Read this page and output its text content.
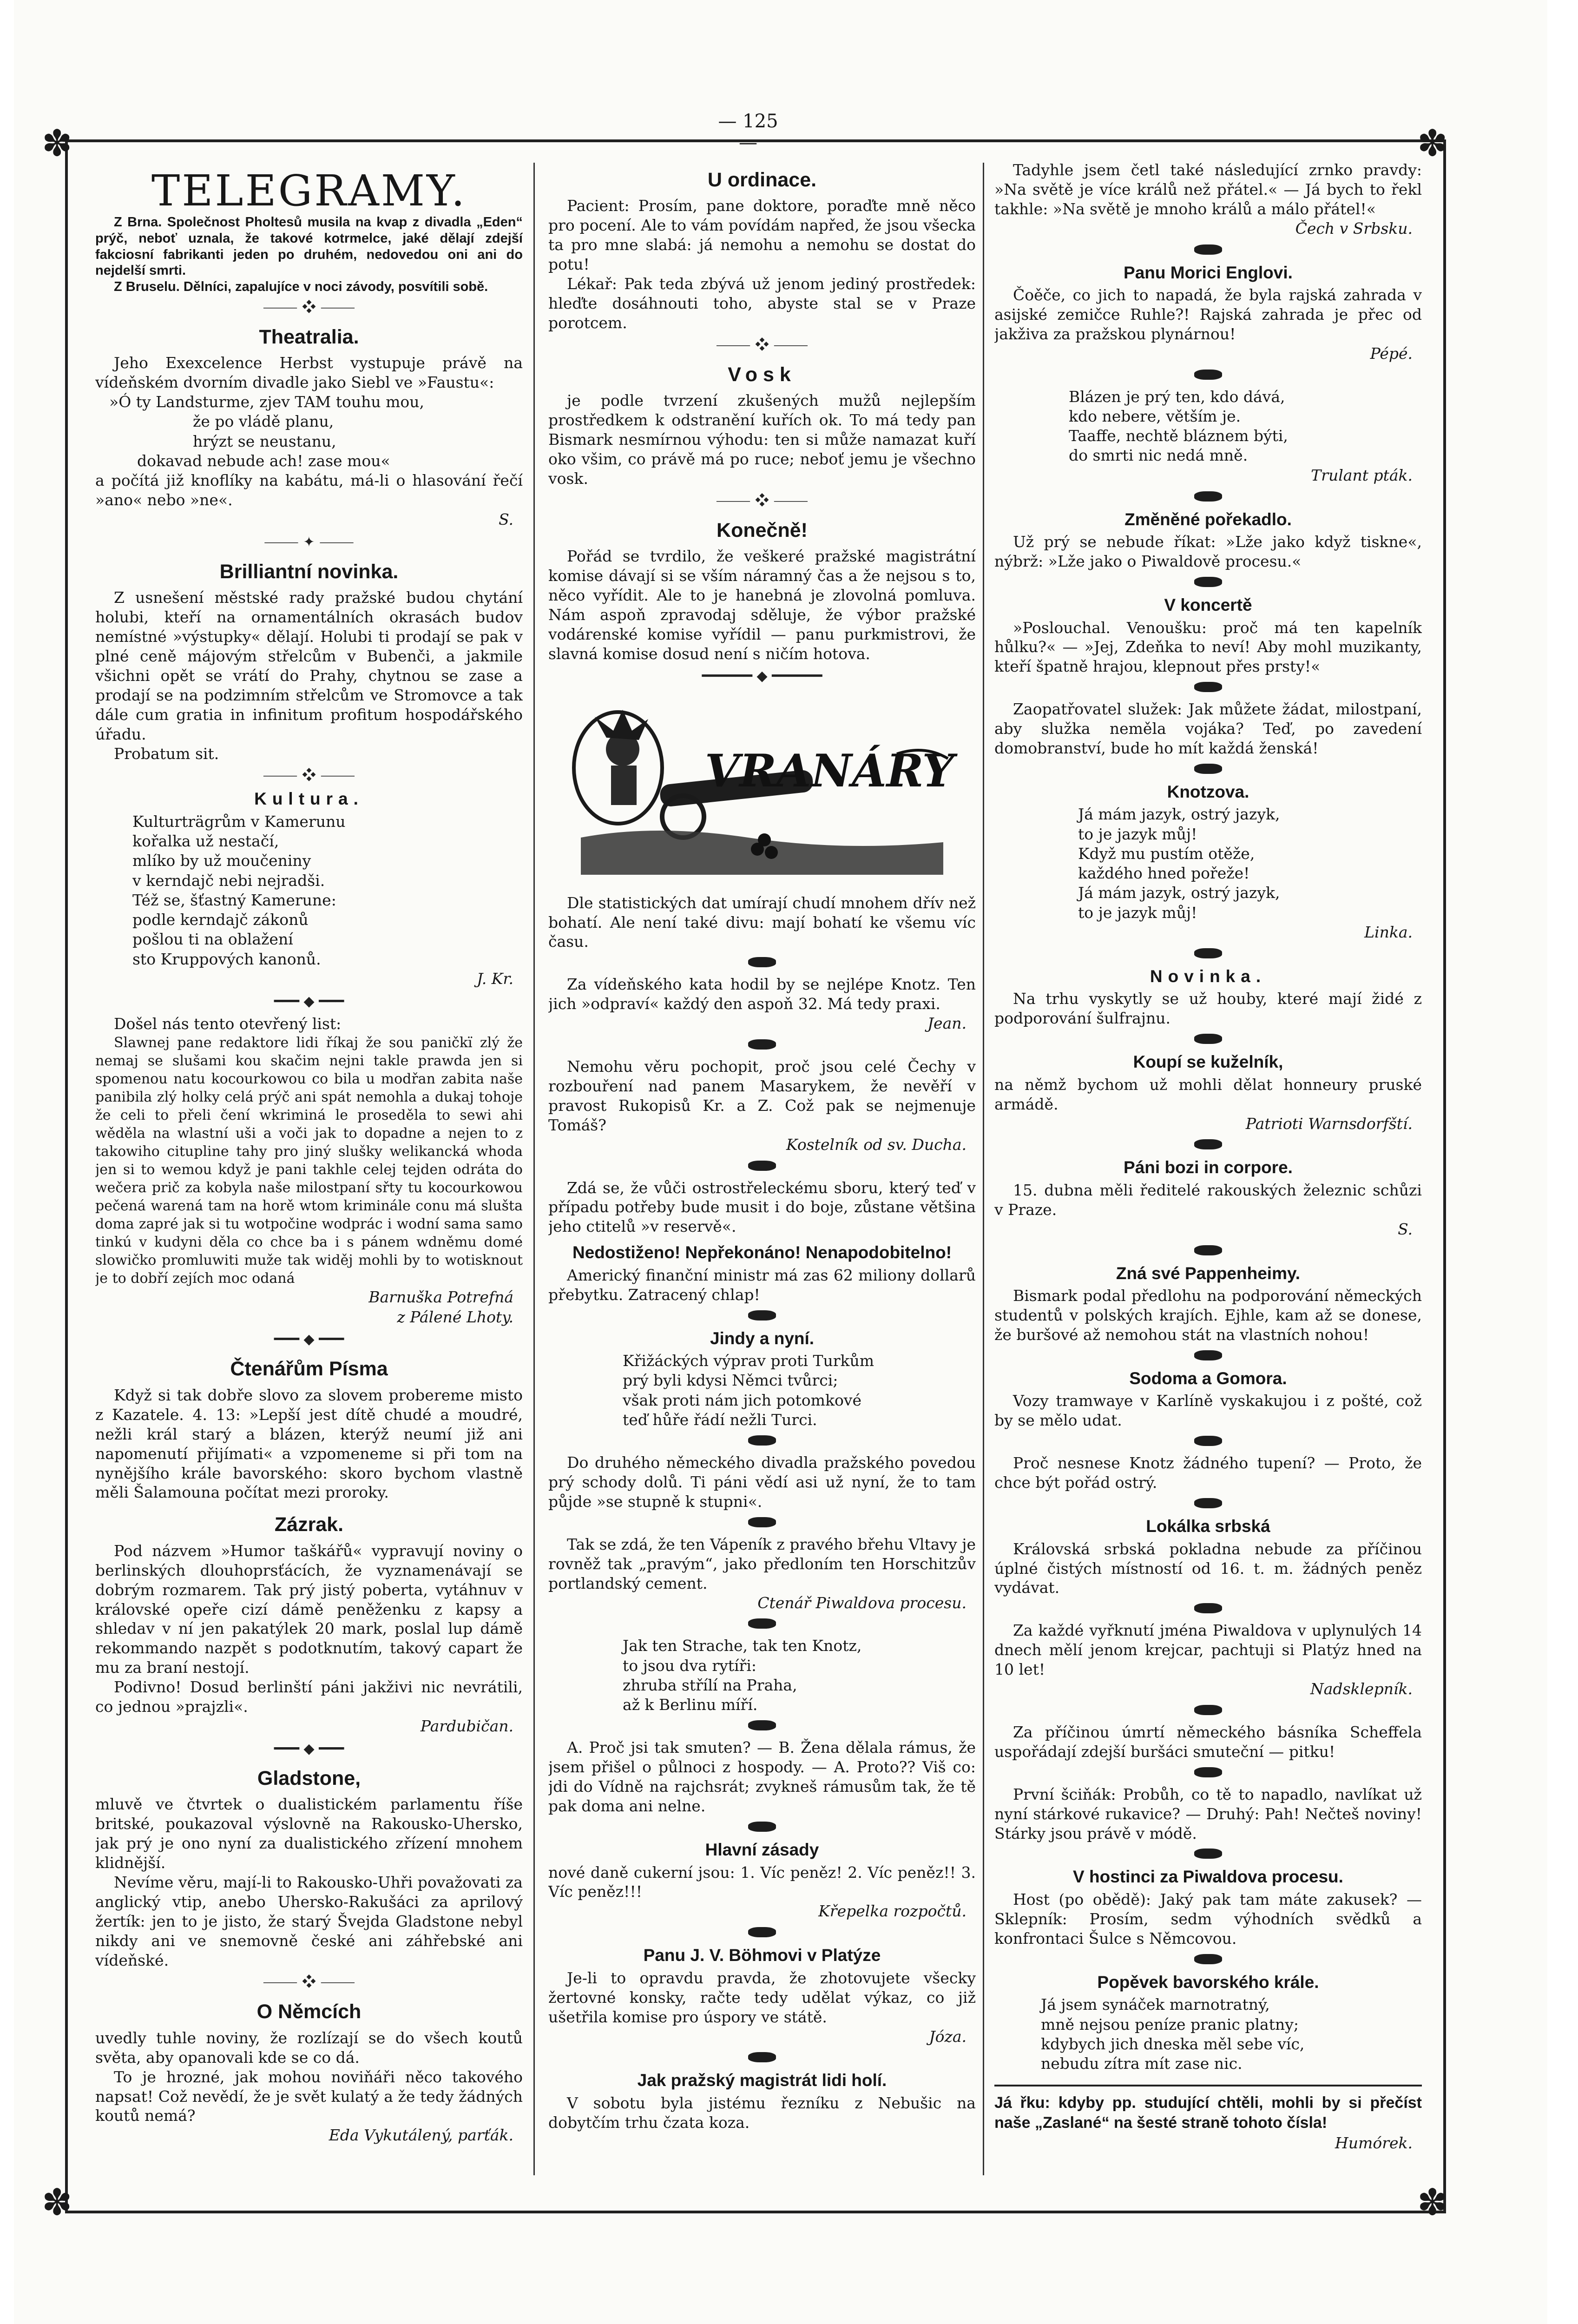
— 125 —
✽	✽
✽	✽
TELEGRAMY.

Z Brna. Společnost Pholtesů musila na kvap z divadla „Eden“ prýč, neboť uznala, že takové kotrmelce, jaké dělají zdejší fakciosní fabrikanti jeden po druhém, nedovedou oni ani do nejdelší smrti.

Z Bruselu. Dělníci, zapalujíce v noci závody, posvítili sobě.

⸻ ❖ ⸻
Theatralia.

Jeho Exexcelence Herbst vystupuje právě na vídeňském dvorním divadle jako Siebl ve »Faustu«:

»Ó ty Landsturme, zjev TAM touhu mou,
že po vládě planu,
hrýzt se neustanu,
dokavad nebude ach! zase mou«

a počítá již knoflíky na kabátu, má-li o hlasování řečí »ano« nebo »ne«.

S.
⸻ ✦ ⸻
Brilliantní novinka.

Z usnešení městské rady pražské budou chytání holubi, kteří na ornamentálních okrasách budov nemístné »výstupky« dělají. Holubi ti prodají se pak v plné ceně májovým střelcům v Bubenči, a jakmile všichni opět se vrátí do Prahy, chytnou se zase a prodají se na podzimním střelcům ve Stromovce a tak dále cum gratia in infinitum profitum hospodářského úřadu.

Probatum sit.

⸻ ❖ ⸻
Kultura.
Kulturträgrům v Kamerunu
kořalka už nestačí,
mlíko by už moučeniny
v kerndajč nebi nejradši.
Též se, šťastný Kamerune:
podle kerndajč zákonů
pošlou ti na oblažení
sto Kruppových kanonů.
J. Kr.
━━━ ◆ ━━━

Došel nás tento otevřený list:

Slawnej pane redaktore lidi říkaj že sou paničkï zlý že nemaj se slušami kou skačim nejni takle prawda jen si spomenou natu kocourkowou co bila u modřan zabita naše panibila zlý holky celá prýč ani spát nemohla a dukaj tohoje že celi to přeli čení wkriminá le proseděla to sewi ahi wěděla na wlastní uši a voči jak to dopadne a nejen to z takowiho citupline tahy pro jiný slušky welikancká whoda jen si to wemou když je pani takhle celej tejden odráta do wečera prič za kobyla naše milostpaní sřty tu kocourkowou pečená warená tam na horě wtom kriminále conu má slušta doma zapré jak si tu wotpočine wodprác i wodní sama samo tinkú v kudyni děla co chce ba i s pánem wdněmu domé slowičko promluwiti muže tak widěj mohli by to wotisknout je to dobří zejích moc odaná

Barnuška Potrefná
z Pálené Lhoty.
━━━ ◆ ━━━
Čtenářům Písma

Když si tak dobře slovo za slovem probereme misto z Kazatele. 4. 13: »Lepší jest dítě chudé a moudré, nežli král starý a blázen, kterýž neumí již ani napomenutí přijímati« a vzpomeneme si při tom na nynějšího krále bavorského: skoro bychom vlastně měli Šalamouna počítat mezi proroky.

Zázrak.

Pod názvem »Humor taškářů« vypravují noviny o berlinských dlouhoprsťácích, že vyznamenávají se dobrým rozmarem. Tak prý jistý poberta, vytáhnuv v královské opeře cizí dámě peněženku z kapsy a shledav v ní jen pakatýlek 20 mark, poslal lup dámě rekommando nazpět s podotknutím, takový capart že mu za braní nestojí.

Podivno! Dosud berlinští páni jakživi nic nevrátili, co jednou »prajzli«.

Pardubičan.
━━━ ◆ ━━━
Gladstone,

mluvě ve čtvrtek o dualistickém parlamentu říše britské, poukazoval výslovně na Rakousko-Uhersko, jak prý je ono nyní za dualistického zřízení mnohem klidnější.

Nevíme věru, mají-li to Rakousko-Uhři považovati za anglický vtip, anebo Uhersko-Rakušáci za aprilový žertík: jen to je jisto, že starý Švejda Gladstone nebyl nikdy ani ve snemovně české ani záhřebské ani vídeňské.

⸻ ❖ ⸻
O Němcích

uvedly tuhle noviny, že rozlízají se do všech koutů světa, aby opanovali kde se co dá.

To je hrozné, jak mohou noviňáři něco takového napsat! Což nevědí, že je svět kulatý a že tedy žádných koutů nemá?

Eda Vykutálený, parťák.
U ordinace.

Pacient: Prosím, pane doktore, poraďte mně něco pro pocení. Ale to vám povídám napřed, že jsou všecka ta pro mne slabá: já nemohu a nemohu se dostat do potu!

Lékař: Pak teda zbývá už jenom jediný prostředek: hleďte dosáhnouti toho, abyste stal se v Praze porotcem.

⸻ ❖ ⸻
Vosk

je podle tvrzení zkušených mužů nejlepším prostředkem k odstranění kuřích ok. To má tedy pan Bismark nesmírnou výhodu: ten si může namazat kuří oko všim, co právě má po ruce; neboť jemu je všechno vosk.

⸻ ❖ ⸻
Konečně!

Pořád se tvrdilo, že veškeré pražské magistrátní komise dávají si se vším náramný čas a že nejsou s to, něco vyřídit. Ale to je hanebná je zlovolná pomluva. Nám aspoň zpravodaj sděluje, že výbor pražské vodárenské komise vyřídil — panu purkmistrovi, že slavná komise dosud není s ničím hotova.

━━━━━━ ◆ ━━━━━━
VRANÁRY

Dle statistických dat umírají chudí mnohem dřív než bohatí. Ale není také divu: mají bohatí ke všemu víc času.

Za vídeňského kata hodil by se nejlépe Knotz. Ten jich »odpraví« každý den aspoň 32. Má tedy praxi.

Jean.

Nemohu věru pochopit, proč jsou celé Čechy v rozbouření nad panem Masarykem, že nevěří v pravost Rukopisů Kr. a Z. Což pak se nejmenuje Tomáš?

Kostelník od sv. Ducha.

Zdá se, že vůči ostrostřeleckému sboru, který teď v případu potřeby bude musit i do boje, zůstane většina jeho ctitelů »v reservě«.

Nedostiženo! Nepřekonáno! Nenapodobitelno!

Americký finanční ministr má zas 62 miliony dollarů přebytku. Zatracený chlap!

Jindy a nyní.
Křižáckých výprav proti Turkům
prý byli kdysi Němci tvůrci;
však proti nám jich potomkové
teď hůře řádí nežli Turci.

Do druhého německého divadla pražského povedou prý schody dolů. Ti páni vědí asi už nyní, že to tam půjde »se stupně k stupni«.

Tak se zdá, že ten Vápeník z pravého břehu Vltavy je rovněž tak „pravým“, jako předloním ten Horschitzův portlandský cement.

Ctenář Piwaldova procesu.
Jak ten Strache, tak ten Knotz,
to jsou dva rytíři:
zhruba střílí na Praha,
až k Berlinu míří.

A. Proč jsi tak smuten? — B. Žena dělala rámus, že jsem přišel o půlnoci z hospody. — A. Proto?? Viš co: jdi do Vídně na rajchsrát; zvykneš rámusům tak, že tě pak doma ani nelne.

Hlavní zásady

nové daně cukerní jsou: 1. Víc peněz! 2. Víc peněz!! 3. Víc peněz!!!

Křepelka rozpočtů.
Panu J. V. Böhmovi v Platýze

Je-li to opravdu pravda, že zhotovujete všecky žertovné konsky, račte tedy udělat výkaz, co již ušetřila komise pro úspory ve státě.

Józa.
Jak pražský magistrát lidi holí.

V sobotu byla jistému řezníku z Nebušic na dobytčím trhu čzata koza.

Tadyhle jsem četl také následující zrnko pravdy: »Na světě je více králů než přátel.« — Já bych to řekl takhle: »Na světě je mnoho králů a málo přátel!«

Čech v Srbsku.
Panu Morici Englovi.

Čoěče, co jich to napadá, že byla rajská zahrada v asijské zemičce Ruhle?! Rajská zahrada je přec od jakživa za pražskou plynárnou!

Pépé.
Blázen je prý ten, kdo dává,
kdo nebere, větším je.
Taaffe, nechtě bláznem býti,
do smrti nic nedá mně.
Trulant pták.
Změněné pořekadlo.

Už prý se nebude říkat: »Lže jako když tiskne«, nýbrž: »Lže jako o Piwaldově procesu.«

V koncertě

»Poslouchal. Venoušku: proč má ten kapelník hůlku?« — »Jej, Zdeňka to neví! Aby mohl muzikanty, kteří špatně hrajou, klepnout přes prsty!«

Zaopatřovatel služek: Jak můžete žádat, milostpaní, aby služka neměla vojáka? Teď, po zavedení domobranství, bude ho mít každá ženská!

Knotzova.
Já mám jazyk, ostrý jazyk,
to je jazyk můj!
Když mu pustím otěže,
každého hned pořeže!
Já mám jazyk, ostrý jazyk,
to je jazyk můj!
Linka.
Novinka.

Na trhu vyskytly se už houby, které mají židé z podporování šulfrajnu.

Koupí se kuželník,

na němž bychom už mohli dělat honneury pruské armádě.

Patrioti Warnsdorfští.
Páni bozi in corpore.

15. dubna měli ředitelé rakouských železnic schůzi v Praze.

S.
Zná své Pappenheimy.

Bismark podal předlohu na podporování německých studentů v polských krajích. Ejhle, kam až se donese, že buršové až nemohou stát na vlastních nohou!

Sodoma a Gomora.

Vozy tramwaye v Karlíně vyskakujou i z pošté, což by se mělo udat.

Proč nesnese Knotz žádného tupení? — Proto, že chce být pořád ostrý.

Lokálka srbská

Královská srbská pokladna nebude za příčinou úplné čistých místností od 16. t. m. žádných peněz vydávat.

Za každé vyřknutí jména Piwaldova v uplynulých 14 dnech mělí jenom krejcar, pachtuji si Platýz hned na 10 let!

Nadsklepník.

Za příčinou úmrtí německého básníka Scheffela uspořádají zdejší buršáci smuteční — pitku!

První šciňák: Probůh, co tě to napadlo, navlíkat už nyní stárkové rukavice? — Druhý: Pah! Nečteš noviny! Stárky jsou právě v módě.

V hostinci za Piwaldova procesu.

Host (po obědě): Jaký pak tam máte zakusek? — Sklepník: Prosím, sedm výhodních svědků a konfrontaci Šulce s Němcovou.

Popěvek bavorského krále.
Já jsem synáček marnotratný,
mně nejsou peníze pranic platny;
kdybych jich dneska měl sebe víc,
nebudu zítra mít zase nic.

Já řku: kdyby pp. studující chtěli, mohli by si přečíst naše „Zaslané“ na šesté straně tohoto čísla!

Humórek.
